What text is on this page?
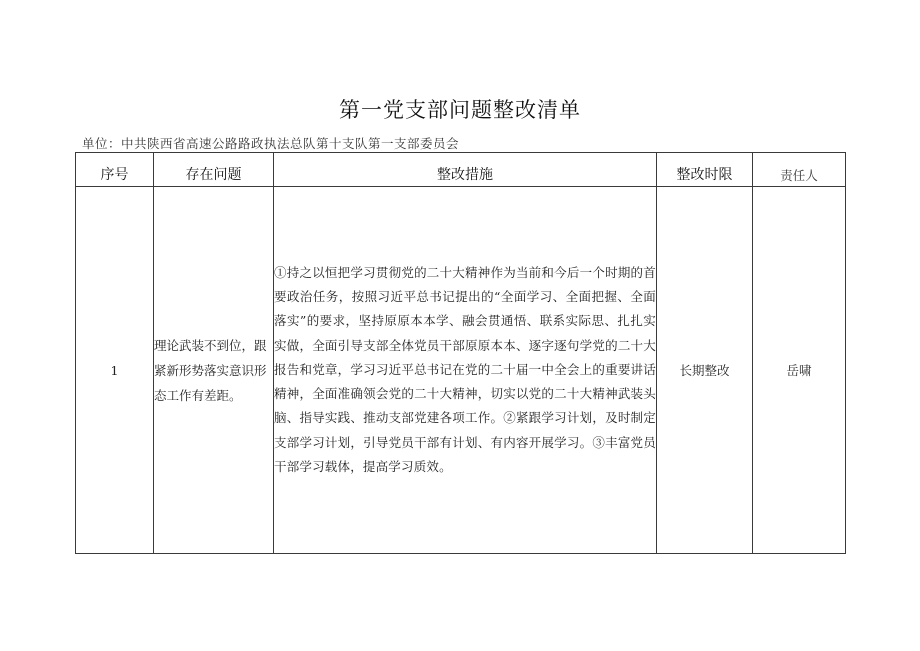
第一党支部问题整改清单
单位：中共陕西省高速公路路政执法总队第十支队第一支部委员会
序号	存在问题	整改措施	整改时限	责任人
1	理论武装不到位，跟紧新形势落实意识形态工作有差距。	①持之以恒把学习贯彻党的二十大精神作为当前和今后一个时期的首要政治任务，按照习近平总书记提出的“全面学习、全面把握、全面落实”的要求，坚持原原本本学、融会贯通悟、联系实际思、扎扎实实做，全面引导支部全体党员干部原原本本、逐字逐句学党的二十大报告和党章，学习习近平总书记在党的二十届一中全会上的重要讲话精神，全面准确领会党的二十大精神，切实以党的二十大精神武装头脑、指导实践、推动支部党建各项工作。②紧跟学习计划，及时制定支部学习计划，引导党员干部有计划、有内容开展学习。③丰富党员干部学习载体，提高学习质效。	长期整改	岳啸
